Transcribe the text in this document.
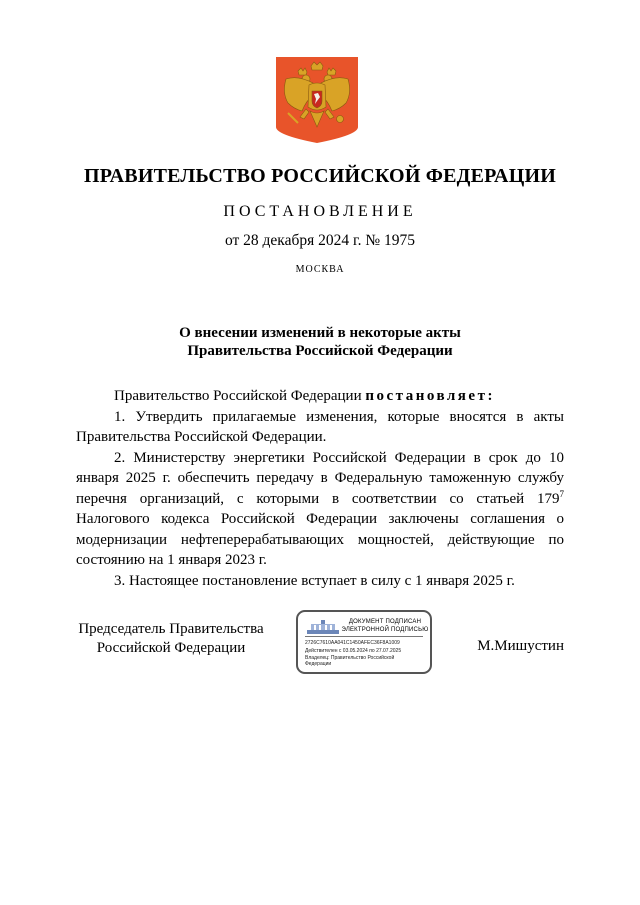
ПРАВИТЕЛЬСТВО РОССИЙСКОЙ ФЕДЕРАЦИИ
ПОСТАНОВЛЕНИЕ
от 28 декабря 2024 г. № 1975
МОСКВА
О внесении изменений в некоторые акты
Правительства Российской Федерации

Правительство Российской Федерации постановляет:

1. Утвердить прилагаемые изменения, которые вносятся в акты Правительства Российской Федерации.

2. Министерству энергетики Российской Федерации в срок до 10 января 2025 г. обеспечить передачу в Федеральную таможенную службу перечня организаций, с которыми в соответствии со статьей $179^7$ Налогового кодекса Российской Федерации заключены соглашения о модернизации нефтеперерабатывающих мощностей, действующие по состоянию на 1 января 2023 г.

3. Настоящее постановление вступает в силу с 1 января 2025 г.

Председатель Правительства
Российской Федерации
ДОКУМЕНТ ПОДПИСАН
ЭЛЕКТРОННОЙ ПОДПИСЬЮ
2726C7610AA041C1450AFEC36F8A1009
Действителен с 03.05.2024 по 27.07.2025
Владелец: Правительство Российской
Федерации
М.Мишустин
